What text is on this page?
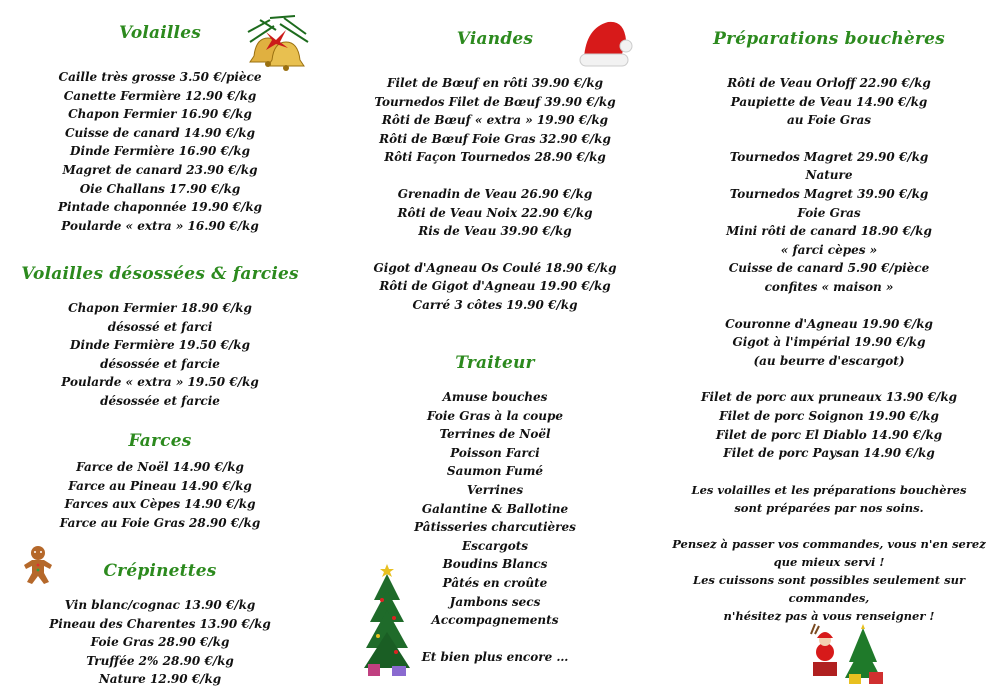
Volailles
Caille très grosse 3.50 €/pièce
Canette Fermière 12.90 €/kg
Chapon Fermier 16.90 €/kg
Cuisse de canard 14.90 €/kg
Dinde Fermière 16.90 €/kg
Magret de canard 23.90 €/kg
Oie Challans 17.90 €/kg
Pintade chaponnée 19.90 €/kg
Poularde « extra » 16.90 €/kg
Volailles désossées & farcies
Chapon Fermier 18.90 €/kg
désossé et farci
Dinde Fermière 19.50 €/kg
désossée et farcie
Poularde « extra » 19.50 €/kg
désossée et farcie
Farces
Farce de Noël 14.90 €/kg
Farce au Pineau 14.90 €/kg
Farces aux Cèpes 14.90 €/kg
Farce au Foie Gras 28.90 €/kg
Crépinettes
Vin blanc/cognac 13.90 €/kg
Pineau des Charentes 13.90 €/kg
Foie Gras 28.90 €/kg
Truffée 2% 28.90 €/kg
Nature 12.90 €/kg
Viandes
Filet de Bœuf en rôti 39.90 €/kg
Tournedos Filet de Bœuf 39.90 €/kg
Rôti de Bœuf « extra » 19.90 €/kg
Rôti de Bœuf Foie Gras 32.90 €/kg
Rôti Façon Tournedos 28.90 €/kg
Grenadin de Veau 26.90 €/kg
Rôti de Veau Noix 22.90 €/kg
Ris de Veau 39.90 €/kg
Gigot d'Agneau Os Coulé 18.90 €/kg
Rôti de Gigot d'Agneau 19.90 €/kg
Carré 3 côtes 19.90 €/kg
Traiteur
Amuse bouches
Foie Gras à la coupe
Terrines de Noël
Poisson Farci
Saumon Fumé
Verrines
Galantine & Ballotine
Pâtisseries charcutières
Escargots
Boudins Blancs
Pâtés en croûte
Jambons secs
Accompagnements
Et bien plus encore …
Préparations bouchères
Rôti de Veau Orloff 22.90 €/kg
Paupiette de Veau 14.90 €/kg
au Foie Gras
Tournedos Magret 29.90 €/kg
Nature
Tournedos Magret 39.90 €/kg
Foie Gras
Mini rôti de canard 18.90 €/kg
« farci cèpes »
Cuisse de canard 5.90 €/pièce
confites « maison »
Couronne d'Agneau 19.90 €/kg
Gigot à l'impérial 19.90 €/kg
(au beurre d'escargot)
Filet de porc aux pruneaux 13.90 €/kg
Filet de porc Soignon 19.90 €/kg
Filet de porc El Diablo 14.90 €/kg
Filet de porc Paysan 14.90 €/kg
Les volailles et les préparations bouchères
sont préparées par nos soins.
Pensez à passer vos commandes, vous n'en serez
que mieux servi !
Les cuissons sont possibles seulement sur commandes,
n'hésitez pas à vous renseigner !
